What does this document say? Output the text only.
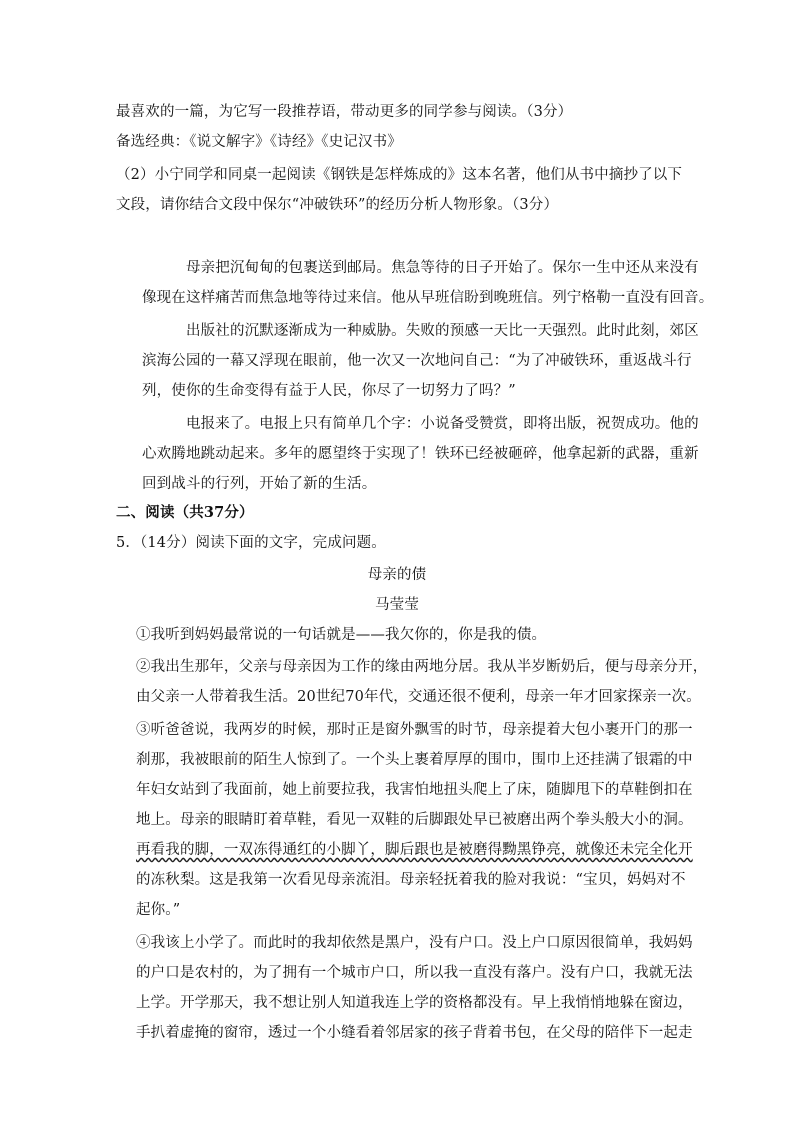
最喜欢的一篇，为它写一段推荐语，带动更多的同学参与阅读。（3分）
备选经典：《说文解字》《诗经》《史记汉书》
（2）小宁同学和同桌一起阅读《钢铁是怎样炼成的》这本名著，他们从书中摘抄了以下
文段，请你结合文段中保尔“冲破铁环”的经历分析人物形象。（3分）
母亲把沉甸甸的包裹送到邮局。焦急等待的日子开始了。保尔一生中还从来没有
像现在这样痛苦而焦急地等待过来信。他从早班信盼到晚班信。列宁格勒一直没有回音。
出版社的沉默逐渐成为一种威胁。失败的预感一天比一天强烈。此时此刻，郊区
滨海公园的一幕又浮现在眼前，他一次又一次地问自己：“为了冲破铁环，重返战斗行
列，使你的生命变得有益于人民，你尽了一切努力了吗？”
电报来了。电报上只有简单几个字：小说备受赞赏，即将出版，祝贺成功。他的
心欢腾地跳动起来。多年的愿望终于实现了！铁环已经被砸碎，他拿起新的武器，重新
回到战斗的行列，开始了新的生活。
二、阅读（共37分）
5．（14分）阅读下面的文字，完成问题。
母亲的债
马莹莹
①我听到妈妈最常说的一句话就是——我欠你的，你是我的债。
②我出生那年，父亲与母亲因为工作的缘由两地分居。我从半岁断奶后，便与母亲分开，
由父亲一人带着我生活。20世纪70年代，交通还很不便利，母亲一年才回家探亲一次。
③听爸爸说，我两岁的时候，那时正是窗外飘雪的时节，母亲提着大包小裹开门的那一
刹那，我被眼前的陌生人惊到了。一个头上裹着厚厚的围巾，围巾上还挂满了银霜的中
年妇女站到了我面前，她上前要拉我，我害怕地扭头爬上了床，随脚甩下的草鞋倒扣在
地上。母亲的眼睛盯着草鞋，看见一双鞋的后脚跟处早已被磨出两个拳头般大小的洞。
再看我的脚，一双冻得通红的小脚丫，脚后跟也是被磨得黝黑铮亮，就像还未完全化开
的冻秋梨。这是我第一次看见母亲流泪。母亲轻抚着我的脸对我说：“宝贝，妈妈对不
起你。”
④我该上小学了。而此时的我却依然是黑户，没有户口。没上户口原因很简单，我妈妈
的户口是农村的，为了拥有一个城市户口，所以我一直没有落户。没有户口，我就无法
上学。开学那天，我不想让别人知道我连上学的资格都没有。早上我悄悄地躲在窗边，
手扒着虚掩的窗帘，透过一个小缝看着邻居家的孩子背着书包，在父母的陪伴下一起走
